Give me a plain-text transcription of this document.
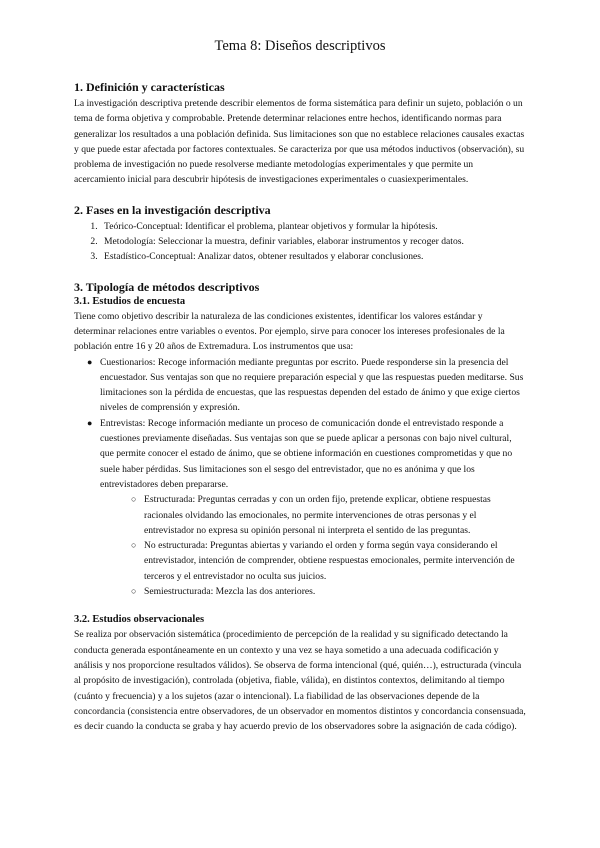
Tema 8: Diseños descriptivos
1. Definición y características

La investigación descriptiva pretende describir elementos de forma sistemática para definir un sujeto, población o un tema de forma objetiva y comprobable. Pretende determinar relaciones entre hechos, identificando normas para generalizar los resultados a una población definida. Sus limitaciones son que no establece relaciones causales exactas y que puede estar afectada por factores contextuales. Se caracteriza por que usa métodos inductivos (observación), su problema de investigación no puede resolverse mediante metodologías experimentales y que permite un acercamiento inicial para descubrir hipótesis de investigaciones experimentales o cuasiexperimentales.

2. Fases en la investigación descriptiva
1. Teórico-Conceptual: Identificar el problema, plantear objetivos y formular la hipótesis.
2. Metodología: Seleccionar la muestra, definir variables, elaborar instrumentos y recoger datos.
3. Estadístico-Conceptual: Analizar datos, obtener resultados y elaborar conclusiones.
3. Tipología de métodos descriptivos
3.1. Estudios de encuesta

Tiene como objetivo describir la naturaleza de las condiciones existentes, identificar los valores estándar y determinar relaciones entre variables o eventos. Por ejemplo, sirve para conocer los intereses profesionales de la población entre 16 y 20 años de Extremadura. Los instrumentos que usa:

● Cuestionarios: Recoge información mediante preguntas por escrito. Puede responderse sin la presencia del encuestador. Sus ventajas son que no requiere preparación especial y que las respuestas pueden meditarse. Sus limitaciones son la pérdida de encuestas, que las respuestas dependen del estado de ánimo y que exige ciertos niveles de comprensión y expresión.
● Entrevistas: Recoge información mediante un proceso de comunicación donde el entrevistado responde a cuestiones previamente diseñadas. Sus ventajas son que se puede aplicar a personas con bajo nivel cultural, que permite conocer el estado de ánimo, que se obtiene información en cuestiones comprometidas y que no suele haber pérdidas. Sus limitaciones son el sesgo del entrevistador, que no es anónima y que los entrevistadores deben prepararse.
○ Estructurada: Preguntas cerradas y con un orden fijo, pretende explicar, obtiene respuestas racionales olvidando las emocionales, no permite intervenciones de otras personas y el entrevistador no expresa su opinión personal ni interpreta el sentido de las preguntas.
○ No estructurada: Preguntas abiertas y variando el orden y forma según vaya considerando el entrevistador, intención de comprender, obtiene respuestas emocionales, permite intervención de terceros y el entrevistador no oculta sus juicios.
○ Semiestructurada: Mezcla las dos anteriores.
3.2. Estudios observacionales

Se realiza por observación sistemática (procedimiento de percepción de la realidad y su significado detectando la conducta generada espontáneamente en un contexto y una vez se haya sometido a una adecuada codificación y análisis y nos proporcione resultados válidos). Se observa de forma intencional (qué, quién…), estructurada (vincula al propósito de investigación), controlada (objetiva, fiable, válida), en distintos contextos, delimitando al tiempo (cuánto y frecuencia) y a los sujetos (azar o intencional). La fiabilidad de las observaciones depende de la concordancia (consistencia entre observadores, de un observador en momentos distintos y concordancia consensuada, es decir cuando la conducta se graba y hay acuerdo previo de los observadores sobre la asignación de cada código).
